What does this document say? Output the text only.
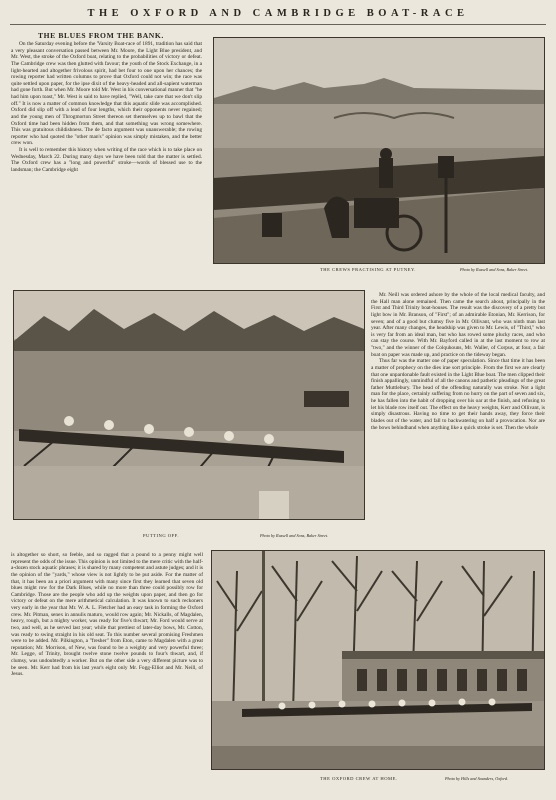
THE OXFORD AND CAMBRIDGE BOAT-RACE
THE BLUES FROM THE BANK.

On the Saturday evening before the 'Varsity Boat-race of 1891, tradition has said that a very pleasant conversation passed between Mr. Moore, the Light Blue president, and Mr. West, the stroke of the Oxford boat, relating to the probabilities of victory or defeat. The Cambridge crew was then glutted with favour; the youth of the Stock Exchange, in a light-hearted and altogether frivolous spirit, had bet four to one upon her chances; the rowing reporter had written columns to prove that Oxford could not win; the race was quite settled upon paper, for the ipse dixit of the heavy-headed and all-sapient waterman had gone forth. But when Mr. Moore told Mr. West in his conversational manner that "he had him upon toast," Mr. West is said to have replied, "Well, take care that we don't slip off." It is now a matter of common knowledge that this aquatic slide was accomplished. Oxford did slip off with a lead of four lengths, which their opponents never regained; and the young men of Throgmorton Street thereon set themselves up to bawl that the Oxford time had been hidden from them, and that something was wrong somewhere. This was gratuitous childishness. The de facto argument was unanswerable; the rowing reporter who had quoted the "other man's" opinion was simply mistaken, and the better crew won.

It is well to remember this history when writing of the race which is to take place on Wednesday, March 22. During many days we have been told that the matter is settled. The Oxford crew has a "long and powerful" stroke—words of blessed use to the landsman; the Cambridge eight

THE CREWS PRACTISING AT PUTNEY.	Photo by Russell and Sons, Baker Street.
PUTTING OFF.	Photo by Russell and Sons, Baker Street.

Mr. Neill was ordered ashore by the whole of the local medical faculty, and the Hall man alone remained. Then came the search about, principally in the First and Third Trinity boat-houses. The result was the discovery of a pretty but light bow in Mr. Branson, of "First"; of an admirable Etonian, Mr. Kerrison, for seven; and of a good but clumsy five in Mr. Ollivant, who was ninth man last year. After many changes, the headship was given to Mr. Lewis, of "Third," who is very far from an ideal man, but who has rowed some plucky races, and who can stay the course. With Mr. Bayford called in at the last moment to row at "two," and the winner of the Colquhouns, Mr. Waller, of Corpus, at four, a fair boat on paper was made up, and practice on the tideway began.

Thus far was the matter one of paper speculation. Since that time it has been a matter of prophecy on the dies irae sort principle. From the first we are clearly that one unpardonable fault existed in the Light Blue boat. The men clipped their finish appallingly, unmindful of all the canons and pathetic pleadings of the great father Muttlebury. The head of the offending naturally was stroke. Not a light man for the place, certainly suffering from no hurry on the part of seven and six, he has fallen into the habit of dropping over his oar at the finish, and refusing to let his blade row itself out. The effect on the heavy weights, Kerr and Ollivant, is simply disastrous. Having no time to get their hands away, they force their blades out of the water, and fall to backwatering on half a provocation. Nor are the bows behindhand when anything like a quick stroke is set. Then the whole

is altogether so short, so feeble, and so ragged that a pound to a penny might well represent the odds of the issue. This opinion is not limited to the mere critic with the half-a-dozen stock aquatic phrases; it is shared by many competent and astute judges; and it is the opinion of the "yards," whose view is not lightly to be put aside. For the matter of that, it has been an a priori argument with many since first they learned that seven old blues might row for the Dark Blues, while no more than three could possibly row for Cambridge. Those are the people who add up the weights upon paper, and then go for victory or defeat on the mere arithmetical calculation. It was known to such reckoners very early in the year that Mr. W. A. L. Fletcher had an easy task in forming the Oxford crew. Mr. Pitman, senex in annulis maturo, would row again; Mr. Nickalls, of Magdalen, heavy, rough, but a mighty worker, was ready for five's thwart; Mr. Ford would serve at two, and well, as he served last year; while that prettiest of later-day bows, Mr. Cotton, was ready to swing straight in his old seat. To this number several promising Freshmen were to be added. Mr. Pilkington, a "fresher" from Eton, came to Magdalen with a great reputation; Mr. Morrison, of New, was found to be a weighty and very powerful three; Mr. Legge, of Trinity, brought twelve stone twelve pounds to four's thwart, and, if clumsy, was undoubtedly a worker. But on the other side a very different picture was to be seen. Mr. Kerr had from his last year's eight only Mr. Fogg-Elliot and Mr. Neill, of Jesus.

THE OXFORD CREW AT HOME.	Photo by Hills and Saunders, Oxford.
